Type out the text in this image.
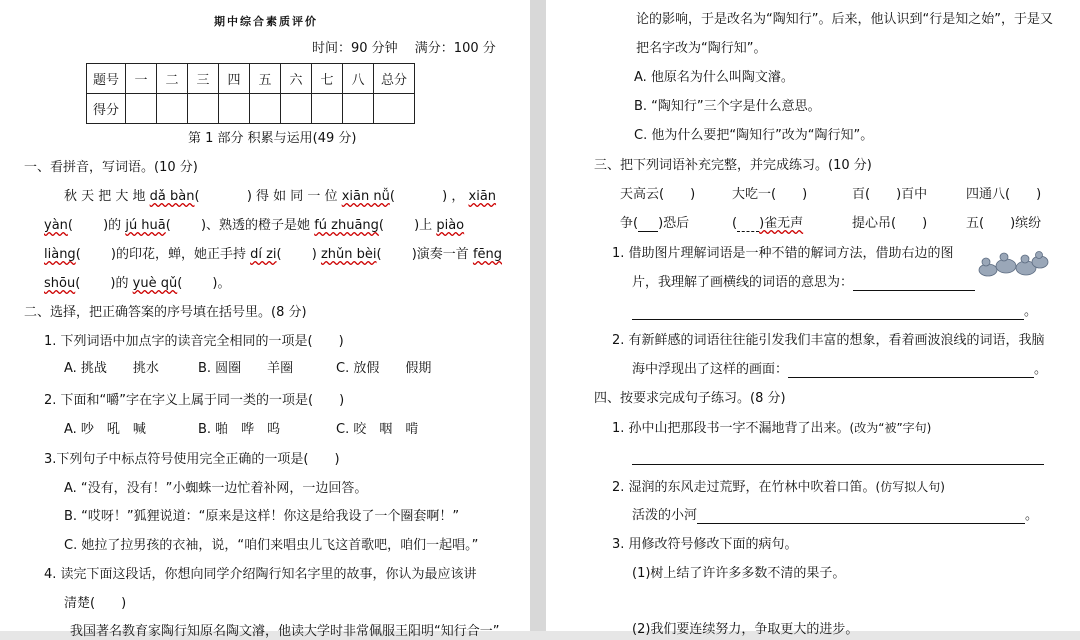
期中综合素质评价
时间：90 分钟　 满分：100 分
题号	一	二	三	四	五	六	七	八	总分
得分									
第 1 部分 积累与运用(49 分)
一、看拼音，写词语。(10 分)
秋 天 把 大 地 dǎ bàn( 　　　 ) 得 如 同 一 位 xiān nǚ( 　　　 ) ， xiān
yàn(　　 )的 jú huā(　　 )、熟透的橙子是她 fú zhuāng(　　 )上 piào
liàng(　　 )的印花，蝉，她正手持 dí zi(　　 ) zhǔn bèi(　　 )演奏一首 fēng
shōu(　　 )的 yuè qǔ(　　 )。
二、选择，把正确答案的序号填在括号里。(8 分)
1. 下列词语中加点字的读音完全相同的一项是(　　)
A. 挑战　　挑水	B. 圆圈　　羊圈	C. 放假　　假期
2. 下面和“嚼”字在字义上属于同一类的一项是(　　)
A. 吵　吼　喊	B. 啪　哗　呜	C. 咬　咽　啃
3.下列句子中标点符号使用完全正确的一项是(　　)
A. “没有，没有！”小蜘蛛一边忙着补网，一边回答。
B. “哎呀！”狐狸说道：“原来是这样！你这是给我设了一个圈套啊！”
C. 她拉了拉男孩的衣袖，说，“咱们来唱虫儿飞这首歌吧，咱们一起唱。”
4. 读完下面这段话，你想向同学介绍陶行知名字里的故事，你认为最应该讲
清楚(　　)
　　我国著名教育家陶行知原名陶文濬，他读大学时非常佩服王阳明“知行合一”
论的影响，于是改名为“陶知行”。后来，他认识到“行是知之始”，于是又
把名字改为“陶行知”。
A. 他原名为什么叫陶文濬。
B. “陶知行”三个字是什么意思。
C. 他为什么要把“陶知行”改为“陶行知”。
三、把下列词语补充完整，并完成练习。(10 分)
天高云(　　)	大吃一(　　)	百(　　)百中	四通八(　　)
争( )恐后	( )雀无声	提心吊(　　)	五(　　)缤纷
1. 借助图片理解词语是一种不错的解词方法，借助右边的图
片，我理解了画横线的词语的意思为：
。
2. 有新鲜感的词语往往能引发我们丰富的想象，看着画波浪线的词语，我脑
海中浮现出了这样的画面：	。
四、按要求完成句子练习。(8 分)
1. 孙中山把那段书一字不漏地背了出来。(改为“被”字句)
2. 湿润的东风走过荒野，在竹林中吹着口笛。(仿写拟人句)
活泼的小河	。
3. 用修改符号修改下面的病句。
(1)树上结了许许多多数不清的果子。
(2)我们要连续努力，争取更大的进步。
